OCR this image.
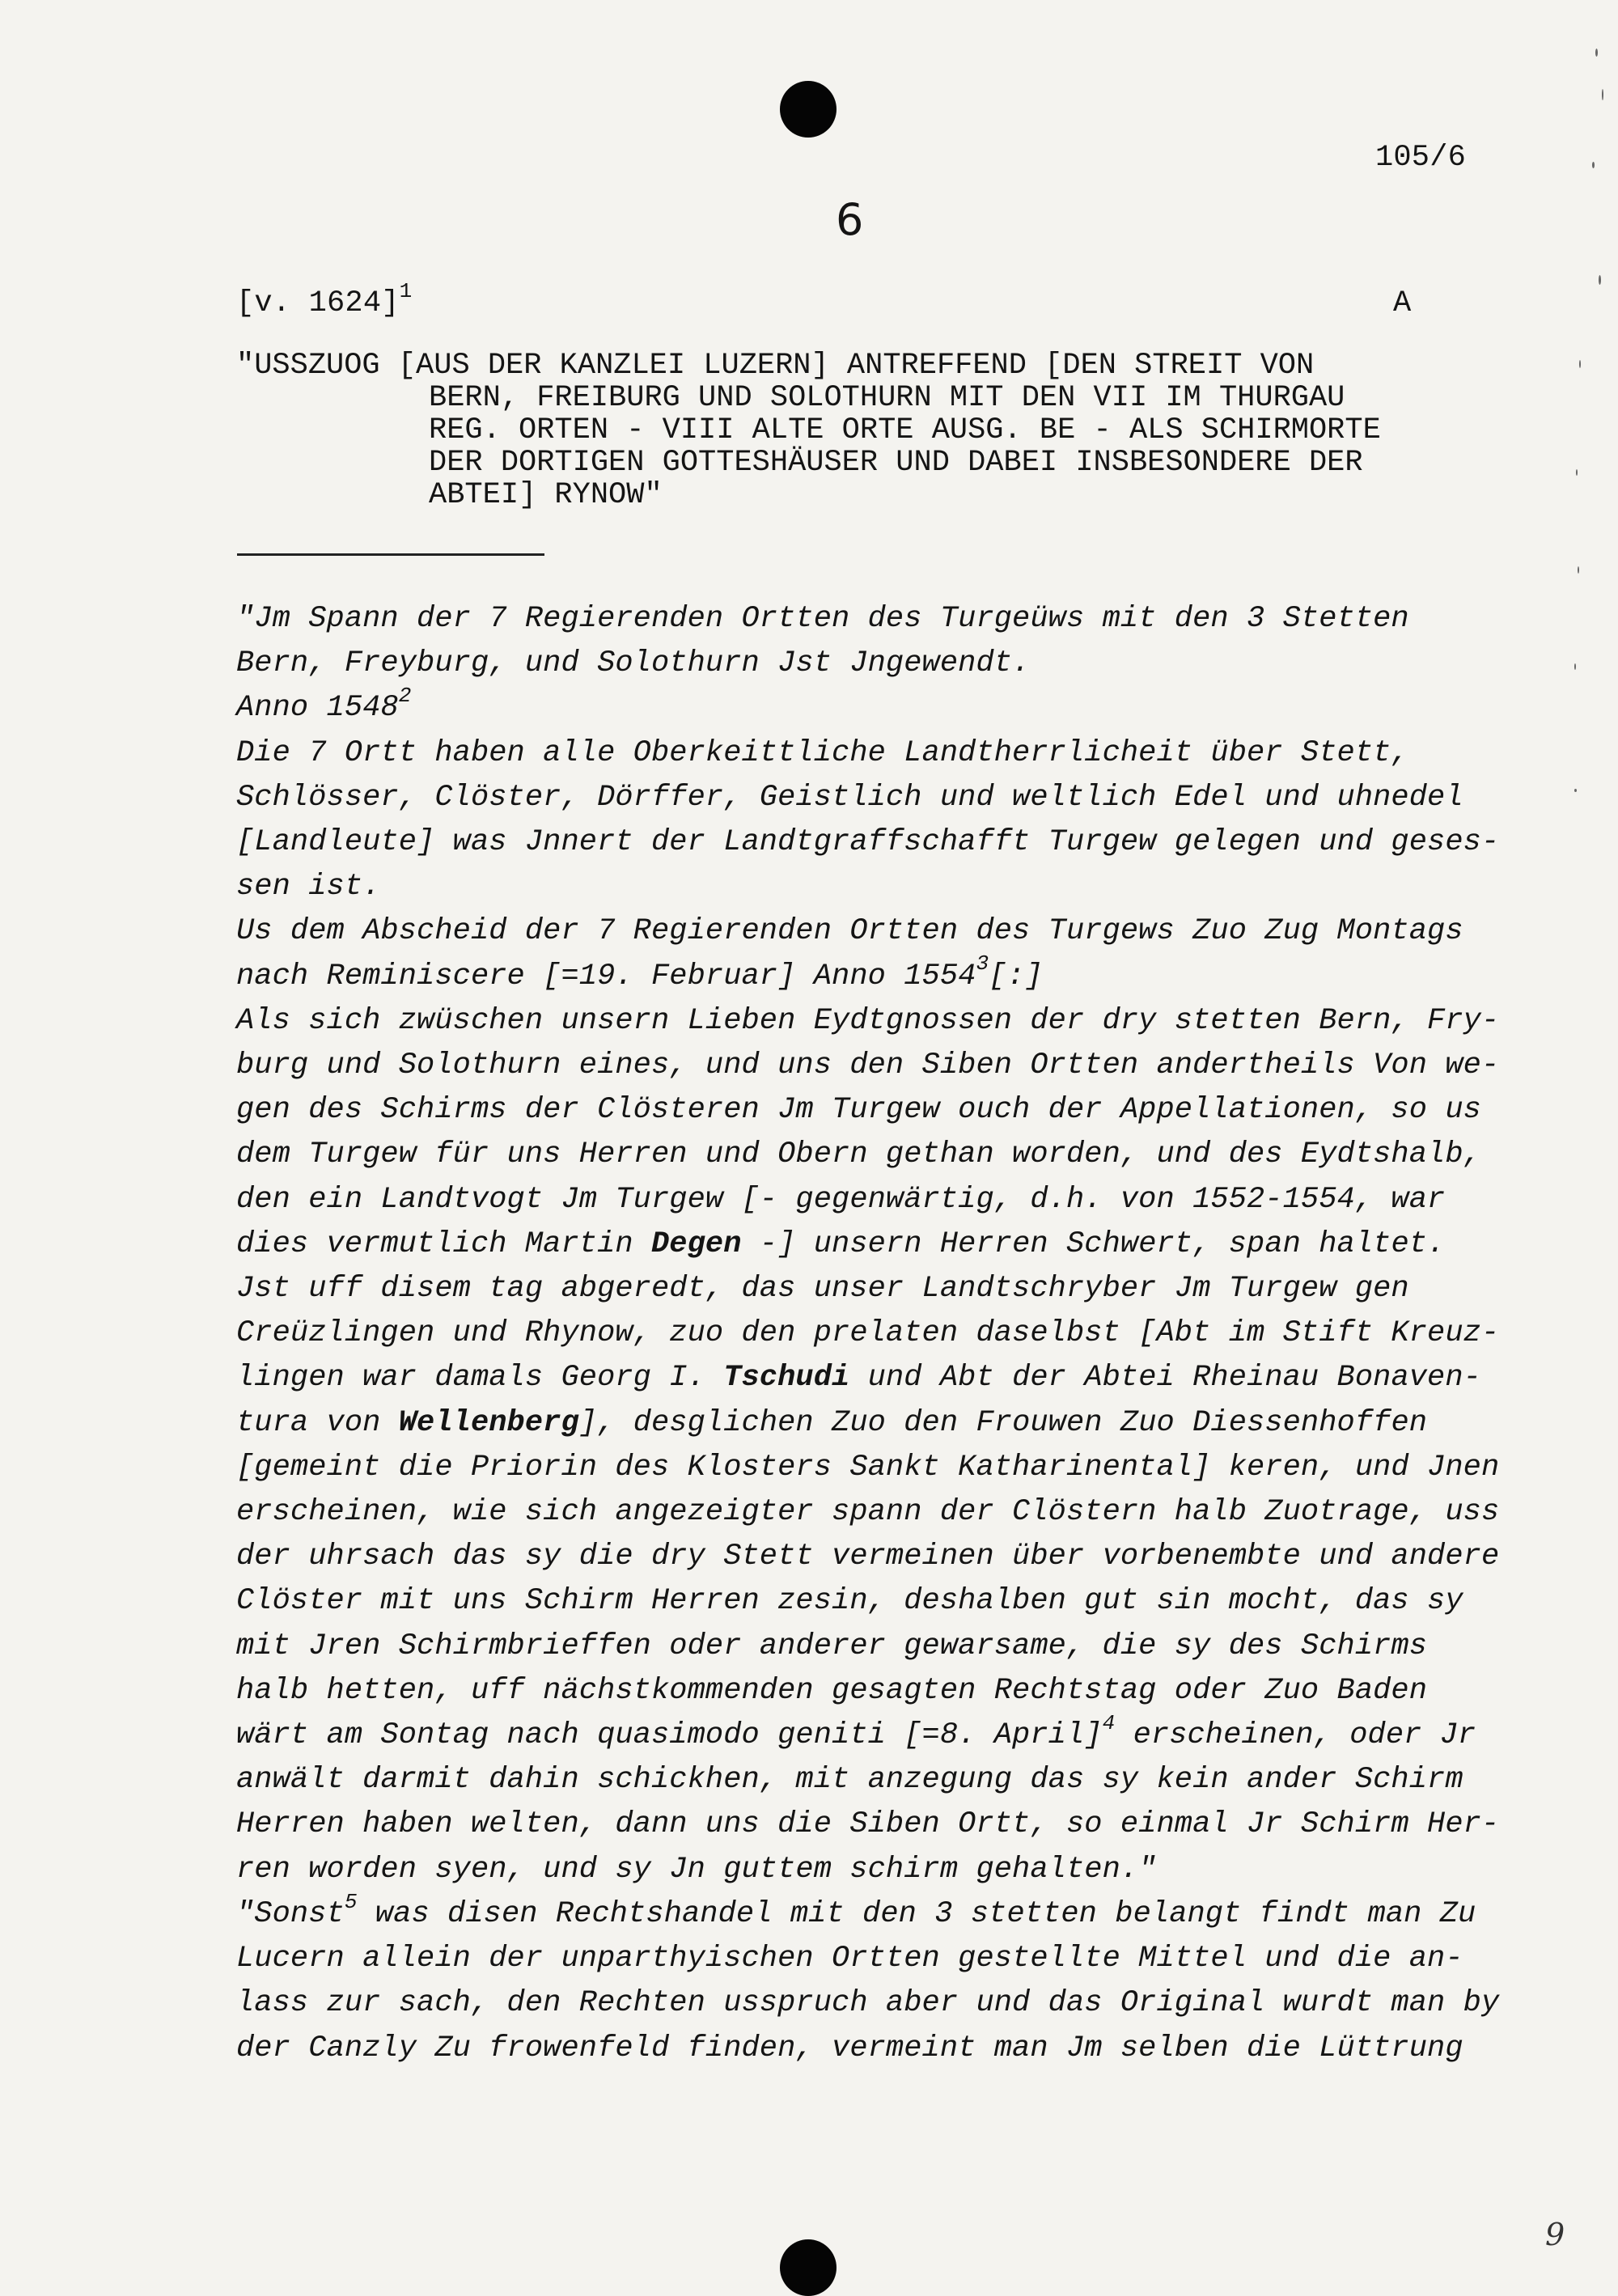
105/6
6
[v. 1624]$^1$	A
"USSZUOG [AUS DER KANZLEI LUZERN] ANTREFFEND [DEN STREIT VON
BERN, FREIBURG UND SOLOTHURN MIT DEN VII IM THURGAU
REG. ORTEN - VIII ALTE ORTE AUSG. BE - ALS SCHIRMORTE
DER DORTIGEN GOTTESHÄUSER UND DABEI INSBESONDERE DER
ABTEI] RYNOW"
"Jm Spann der 7 Regierenden Ortten des Turgeüws mit den 3 Stetten
Bern, Freyburg, und Solothurn Jst Jngewendt.
Anno 1548$^2$
Die 7 Ortt haben alle Oberkeittliche Landtherrlicheit über Stett,
Schlösser, Clöster, Dörffer, Geistlich und weltlich Edel und uhnedel
[Landleute] was Jnnert der Landtgraffschafft Turgew gelegen und geses-
sen ist.
Us dem Abscheid der 7 Regierenden Ortten des Turgews Zuo Zug Montags
nach Reminiscere [=19. Februar] Anno 1554$^3$[:]
Als sich zwüschen unsern Lieben Eydtgnossen der dry stetten Bern, Fry-
burg und Solothurn eines, und uns den Siben Ortten andertheils Von we-
gen des Schirms der Clösteren Jm Turgew ouch der Appellationen, so us
dem Turgew für uns Herren und Obern gethan worden, und des Eydtshalb,
den ein Landtvogt Jm Turgew [- gegenwärtig, d.h. von 1552-1554, war
dies vermutlich Martin Degen -] unsern Herren Schwert, span haltet.
Jst uff disem tag abgeredt, das unser Landtschryber Jm Turgew gen
Creüzlingen und Rhynow, zuo den prelaten daselbst [Abt im Stift Kreuz-
lingen war damals Georg I. Tschudi und Abt der Abtei Rheinau Bonaven-
tura von Wellenberg], desglichen Zuo den Frouwen Zuo Diessenhoffen
[gemeint die Priorin des Klosters Sankt Katharinental] keren, und Jnen
erscheinen, wie sich angezeigter spann der Clöstern halb Zuotrage, uss
der uhrsach das sy die dry Stett vermeinen über vorbenembte und andere
Clöster mit uns Schirm Herren zesin, deshalben gut sin mocht, das sy
mit Jren Schirmbrieffen oder anderer gewarsame, die sy des Schirms
halb hetten, uff nächstkommenden gesagten Rechtstag oder Zuo Baden
wärt am Sontag nach quasimodo geniti [=8. April]$^4$ erscheinen, oder Jr
anwält darmit dahin schickhen, mit anzegung das sy kein ander Schirm
Herren haben welten, dann uns die Siben Ortt, so einmal Jr Schirm Her-
ren worden syen, und sy Jn guttem schirm gehalten."
"Sonst$^5$ was disen Rechtshandel mit den 3 stetten belangt findt man Zu
Lucern allein der unparthyischen Ortten gestellte Mittel und die an-
lass zur sach, den Rechten usspruch aber und das Original wurdt man by
der Canzly Zu frowenfeld finden, vermeint man Jm selben die Lüttrung
9
